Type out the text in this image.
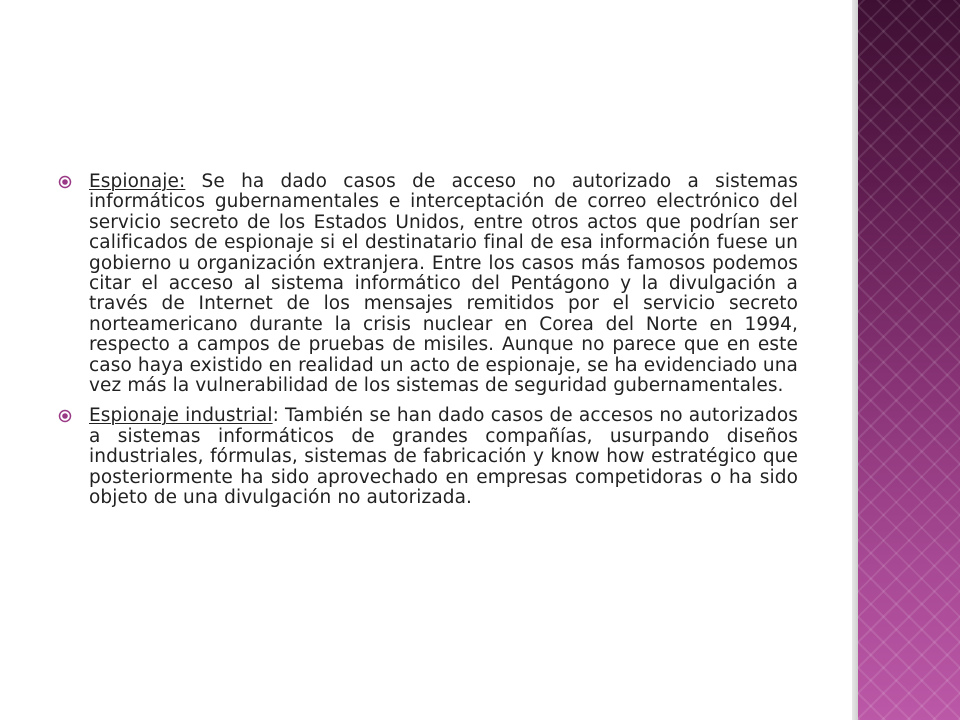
Espionaje: Se ha dado casos de acceso no autorizado a sistemas informáticos gubernamentales e interceptación de correo electrónico del servicio secreto de los Estados Unidos, entre otros actos que podrían ser calificados de espionaje si el destinatario final de esa información fuese un gobierno u organización extranjera. Entre los casos más famosos podemos citar el acceso al sistema informático del Pentágono y la divulgación a través de Internet de los mensajes remitidos por el servicio secreto norteamericano durante la crisis nuclear en Corea del Norte en 1994, respecto a campos de pruebas de misiles. Aunque no parece que en este caso haya existido en realidad un acto de espionaje, se ha evidenciado una vez más la vulnerabilidad de los sistemas de seguridad gubernamentales.

Espionaje industrial: También se han dado casos de accesos no autorizados a sistemas informáticos de grandes compañías, usurpando diseños industriales, fórmulas, sistemas de fabricación y know how estratégico que posteriormente ha sido aprovechado en empresas competidoras o ha sido objeto de una divulgación no autorizada.
